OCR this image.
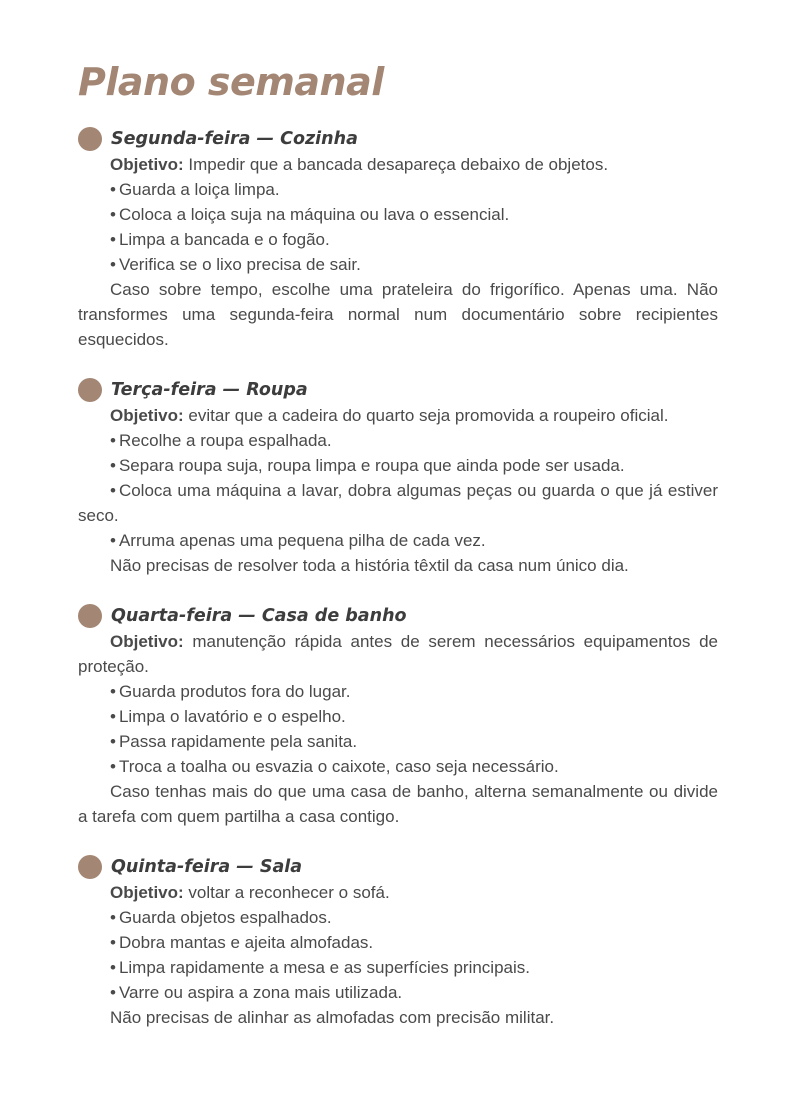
Plano semanal
Segunda-feira — Cozinha

Objetivo: Impedir que a bancada desapareça debaixo de objetos.

• Guarda a loiça limpa.

• Coloca a loiça suja na máquina ou lava o essencial.

• Limpa a bancada e o fogão.

• Verifica se o lixo precisa de sair.

Caso sobre tempo, escolhe uma prateleira do frigorífico. Apenas uma. Não transformes uma segunda-feira normal num documentário sobre recipientes esquecidos.

Terça-feira — Roupa

Objetivo: evitar que a cadeira do quarto seja promovida a roupeiro oficial.

• Recolhe a roupa espalhada.

• Separa roupa suja, roupa limpa e roupa que ainda pode ser usada.

• Coloca uma máquina a lavar, dobra algumas peças ou guarda o que já estiver seco.

• Arruma apenas uma pequena pilha de cada vez.

Não precisas de resolver toda a história têxtil da casa num único dia.

Quarta-feira — Casa de banho

Objetivo: manutenção rápida antes de serem necessários equipamentos de proteção.

• Guarda produtos fora do lugar.

• Limpa o lavatório e o espelho.

• Passa rapidamente pela sanita.

• Troca a toalha ou esvazia o caixote, caso seja necessário.

Caso tenhas mais do que uma casa de banho, alterna semanalmente ou divide a tarefa com quem partilha a casa contigo.

Quinta-feira — Sala

Objetivo: voltar a reconhecer o sofá.

• Guarda objetos espalhados.

• Dobra mantas e ajeita almofadas.

• Limpa rapidamente a mesa e as superfícies principais.

• Varre ou aspira a zona mais utilizada.

Não precisas de alinhar as almofadas com precisão militar.
